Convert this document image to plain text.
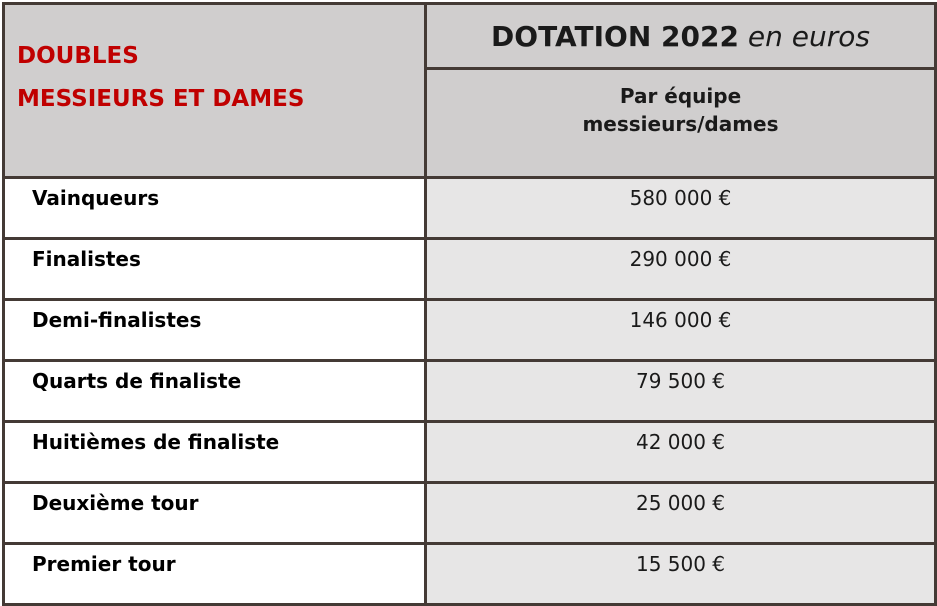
DOUBLES
MESSIEURS ET DAMES	DOTATION 2022 en euros

	Par équipe
messieurs/dames

Vainqueurs	580 000 €
Finalistes	290 000 €
Demi-finalistes	146 000 €
Quarts de finaliste	79 500 €
Huitièmes de finaliste	42 000 €
Deuxième tour	25 000 €
Premier tour	15 500 €
